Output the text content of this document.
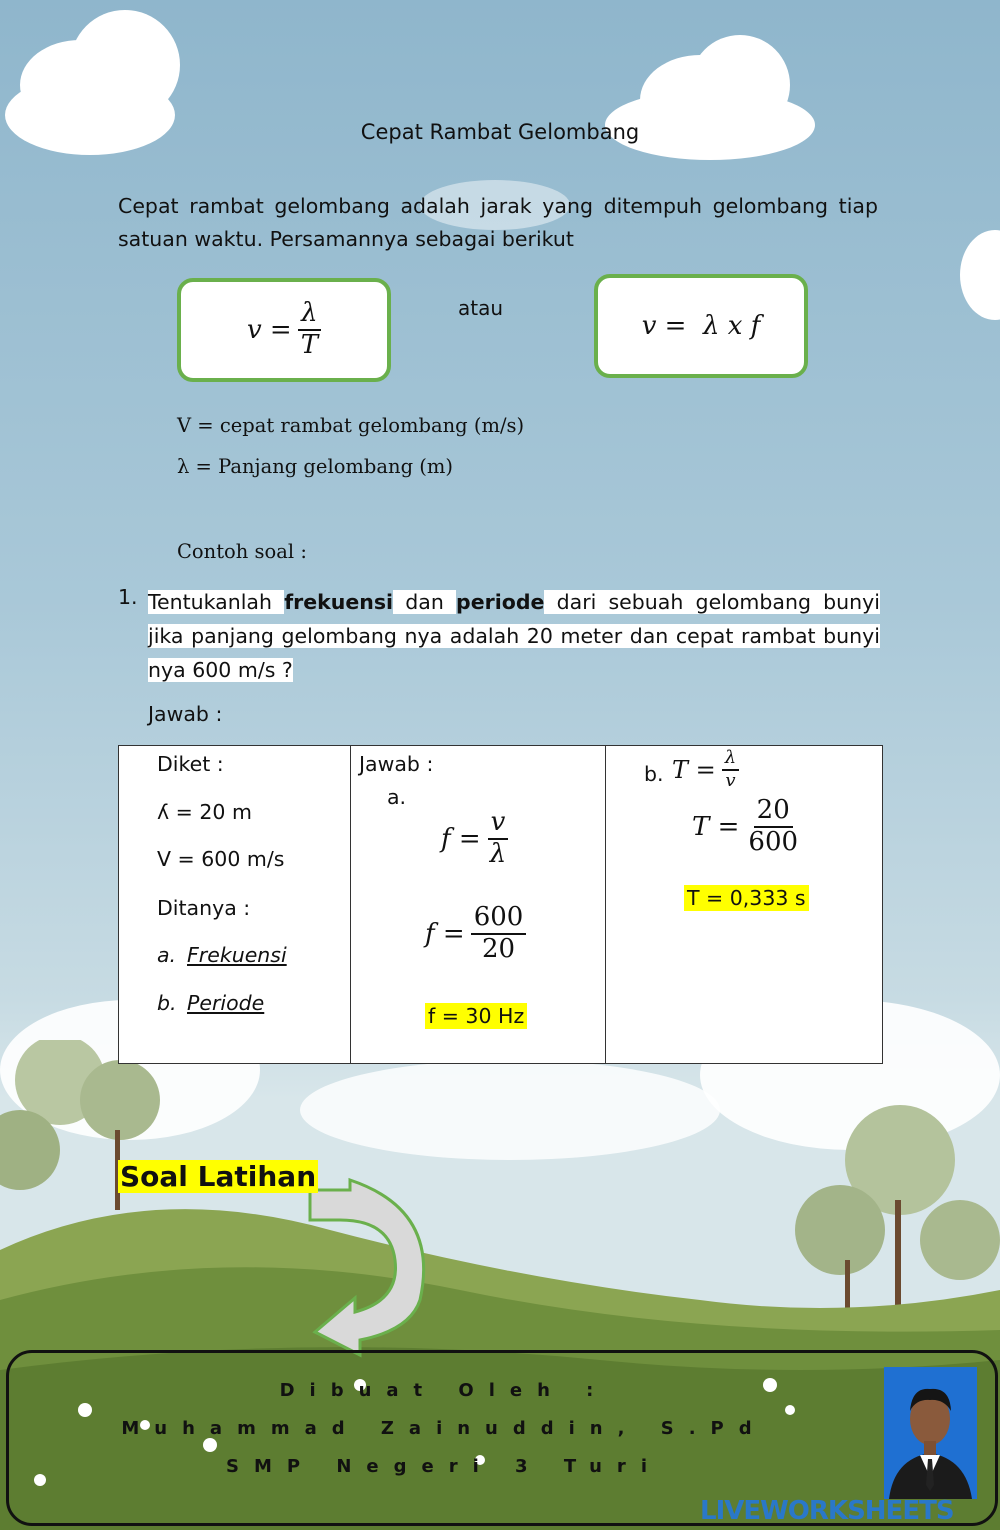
Cepat Rambat Gelombang
Cepat rambat gelombang adalah jarak yang ditempuh gelombang tiap satuan waktu. Persamannya sebagai berikut
$v = \frac{\lambda}{T}$	atau
v =  λ x f
V = cepat rambat gelombang (m/s)
λ = Panjang gelombang (m)
Contoh soal :
1. Tentukanlah frekuensi dan periode dari sebuah gelombang bunyi jika panjang gelombang nya adalah 20 meter dan cepat rambat bunyi nya 600 m/s ?
Jawab :
Diket :
ʎ = 20 m
V = 600 m/s
Ditanya :
a. Frekuensi
b. Periode

Jawab :
a.
$f = \frac{v}{\lambda}$
$f = \frac{600}{20}$
f = 30 Hz

b. $T = \frac{\lambda}{v}$
$T = \frac{20}{600}$
T = 0,333 s
Soal Latihan
Dibuat Oleh :
Muhammad Zainuddin, S.Pd
SMP Negeri 3 Turi
LIVEWORKSHEETS
